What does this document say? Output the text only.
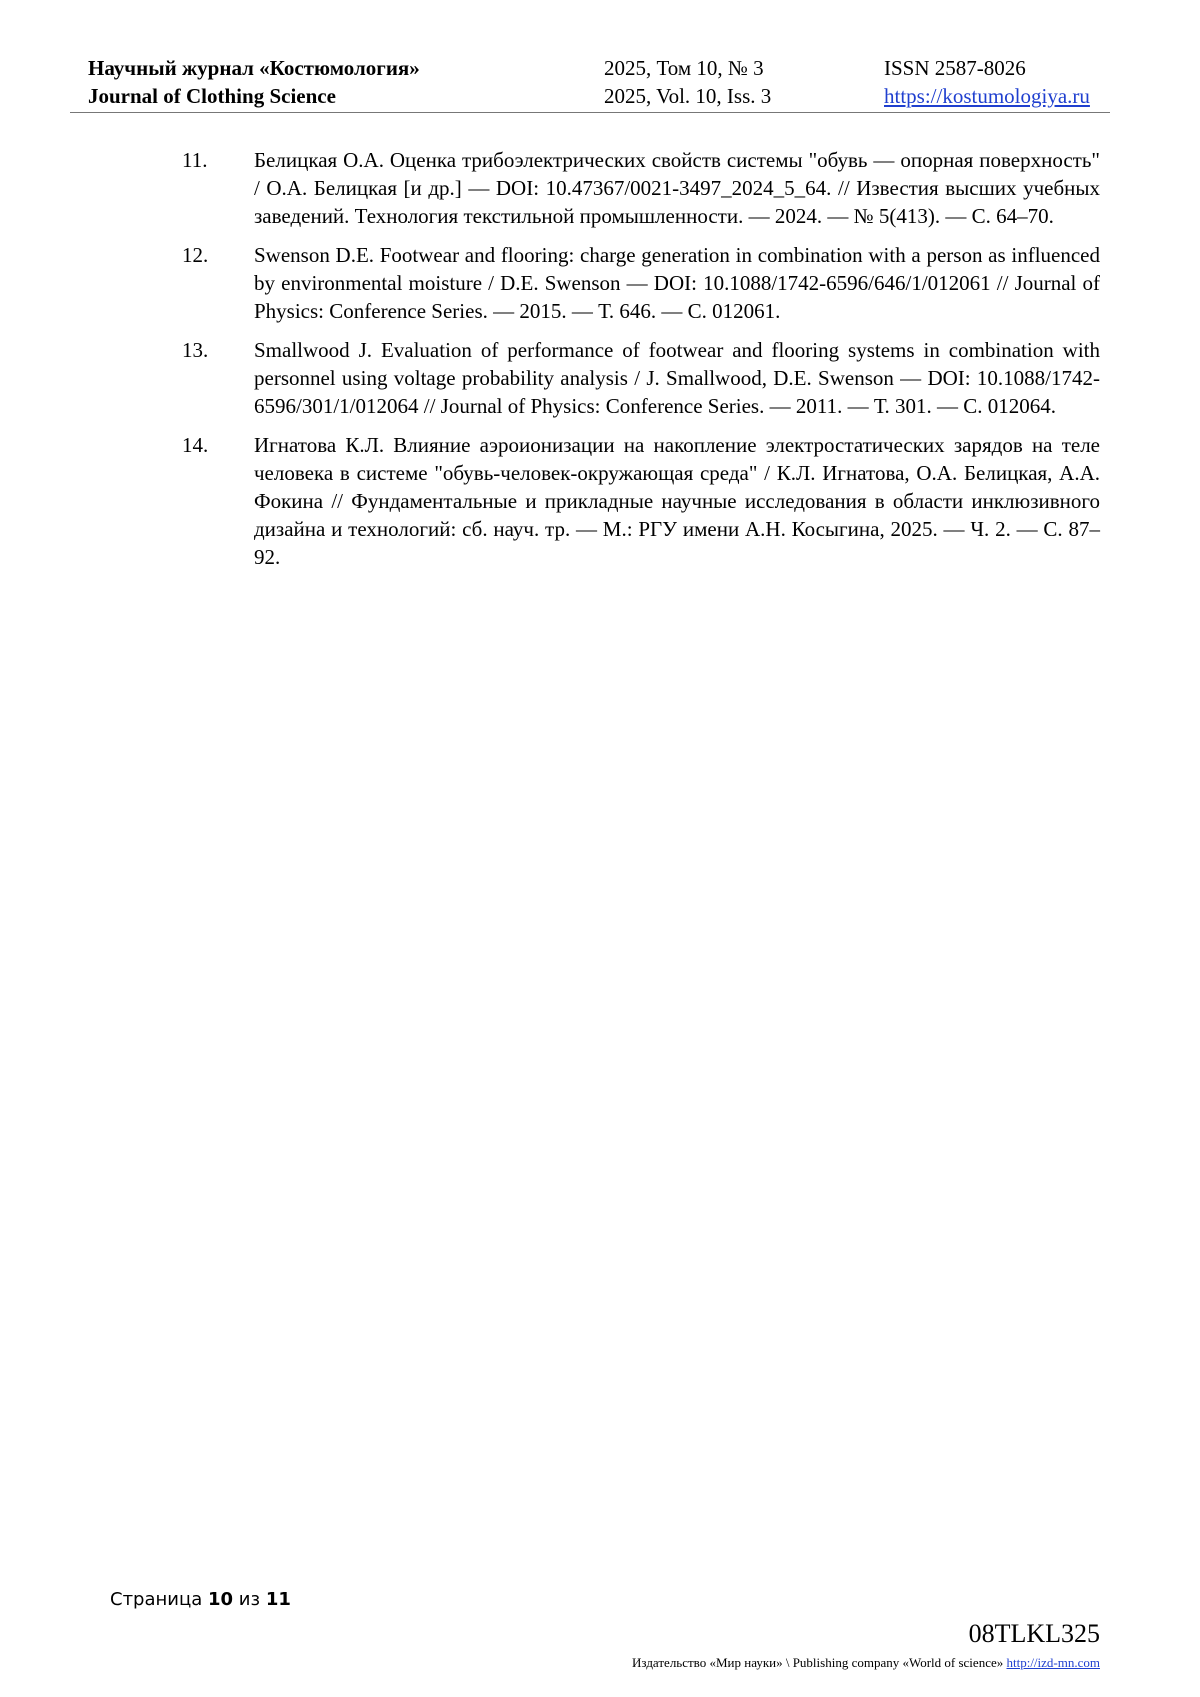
Научный журнал «Костюмология»
Journal of Clothing Science
2025, Том 10, № 3
2025, Vol. 10, Iss. 3
ISSN 2587-8026
https://kostumologiya.ru
11. Белицкая О.А. Оценка трибоэлектрических свойств системы "обувь — опорная поверхность" / О.А. Белицкая [и др.] — DOI: 10.47367/0021-3497_2024_5_64. // Известия высших учебных заведений. Технология текстильной промышленности. — 2024. — № 5(413). — С. 64–70.
12. Swenson D.E. Footwear and flooring: charge generation in combination with a person as influenced by environmental moisture / D.E. Swenson — DOI: 10.1088/1742-6596/646/1/012061 // Journal of Physics: Conference Series. — 2015. — Т. 646. — С. 012061.
13. Smallwood J. Evaluation of performance of footwear and flooring systems in combination with personnel using voltage probability analysis / J. Smallwood, D.E. Swenson — DOI: 10.1088/1742-6596/301/1/012064 // Journal of Physics: Conference Series. — 2011. — Т. 301. — С. 012064.
14. Игнатова К.Л. Влияние аэроионизации на накопление электростатических зарядов на теле человека в системе "обувь-человек-окружающая среда" / К.Л. Игнатова, О.А. Белицкая, А.А. Фокина // Фундаментальные и прикладные научные исследования в области инклюзивного дизайна и технологий: сб. науч. тр. — М.: РГУ имени А.Н. Косыгина, 2025. — Ч. 2. — С. 87–92.
Страница 10 из 11
08TLKL325
Издательство «Мир науки» \ Publishing company «World of science» http://izd-mn.com
